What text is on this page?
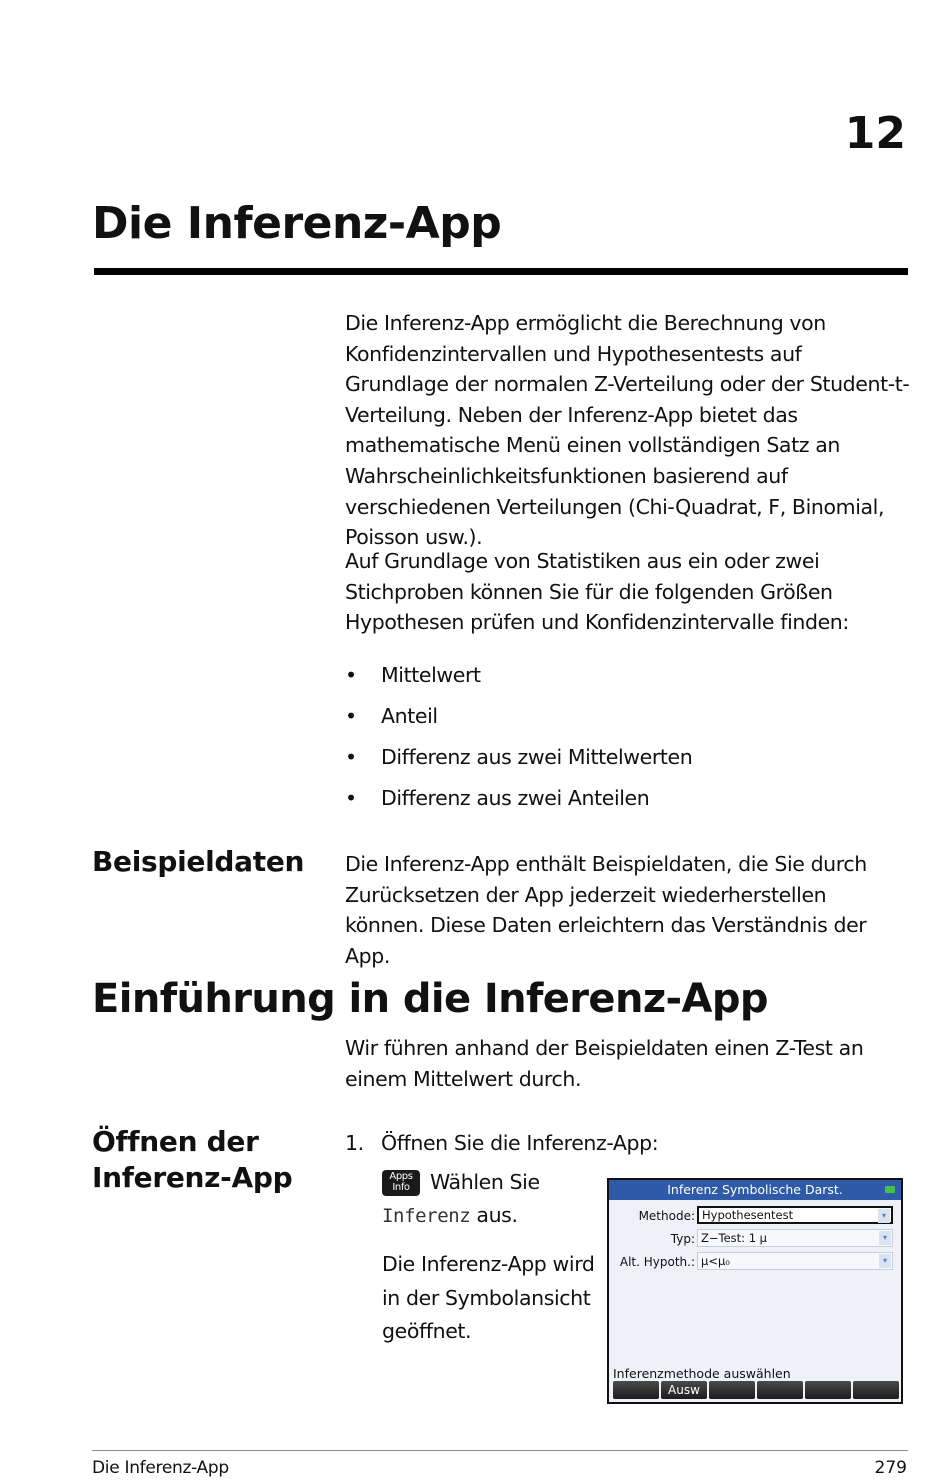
12
Die Inferenz-App

Die Inferenz-App ermöglicht die Berechnung von Konfidenzintervallen und Hypothesentests auf Grundlage der normalen Z-Verteilung oder der Student-t-Verteilung. Neben der Inferenz-App bietet das mathematische Menü einen vollständigen Satz an Wahrscheinlichkeitsfunktionen basierend auf verschiedenen Verteilungen (Chi-Quadrat, F, Binomial, Poisson usw.).

Auf Grundlage von Statistiken aus ein oder zwei Stichproben können Sie für die folgenden Größen Hypothesen prüfen und Konfidenzintervalle finden:

• Mittelwert
• Anteil
• Differenz aus zwei Mittelwerten
• Differenz aus zwei Anteilen
Beispieldaten Die Inferenz-App enthält Beispieldaten, die Sie durch Zurücksetzen der App jederzeit wiederherstellen können. Diese Daten erleichtern das Verständnis der App.

Einführung in die Inferenz-App

Wir führen anhand der Beispieldaten einen Z-Test an einem Mittelwert durch.

Öffnen der
Inferenz-App
1. Öffnen Sie die Inferenz-App:
Apps
Info Wählen Sie
Inferenz aus.

Die Inferenz-App wird in der Symbolansicht geöffnet.

Inferenz Symbolische Darst.
Methode: Hypothesentest	▾
Typ: Z−Test: 1 μ	▾
Alt. Hypoth.: μ<μ₀	▾
Inferenzmethode auswählen
Ausw
Die Inferenz-App	279
